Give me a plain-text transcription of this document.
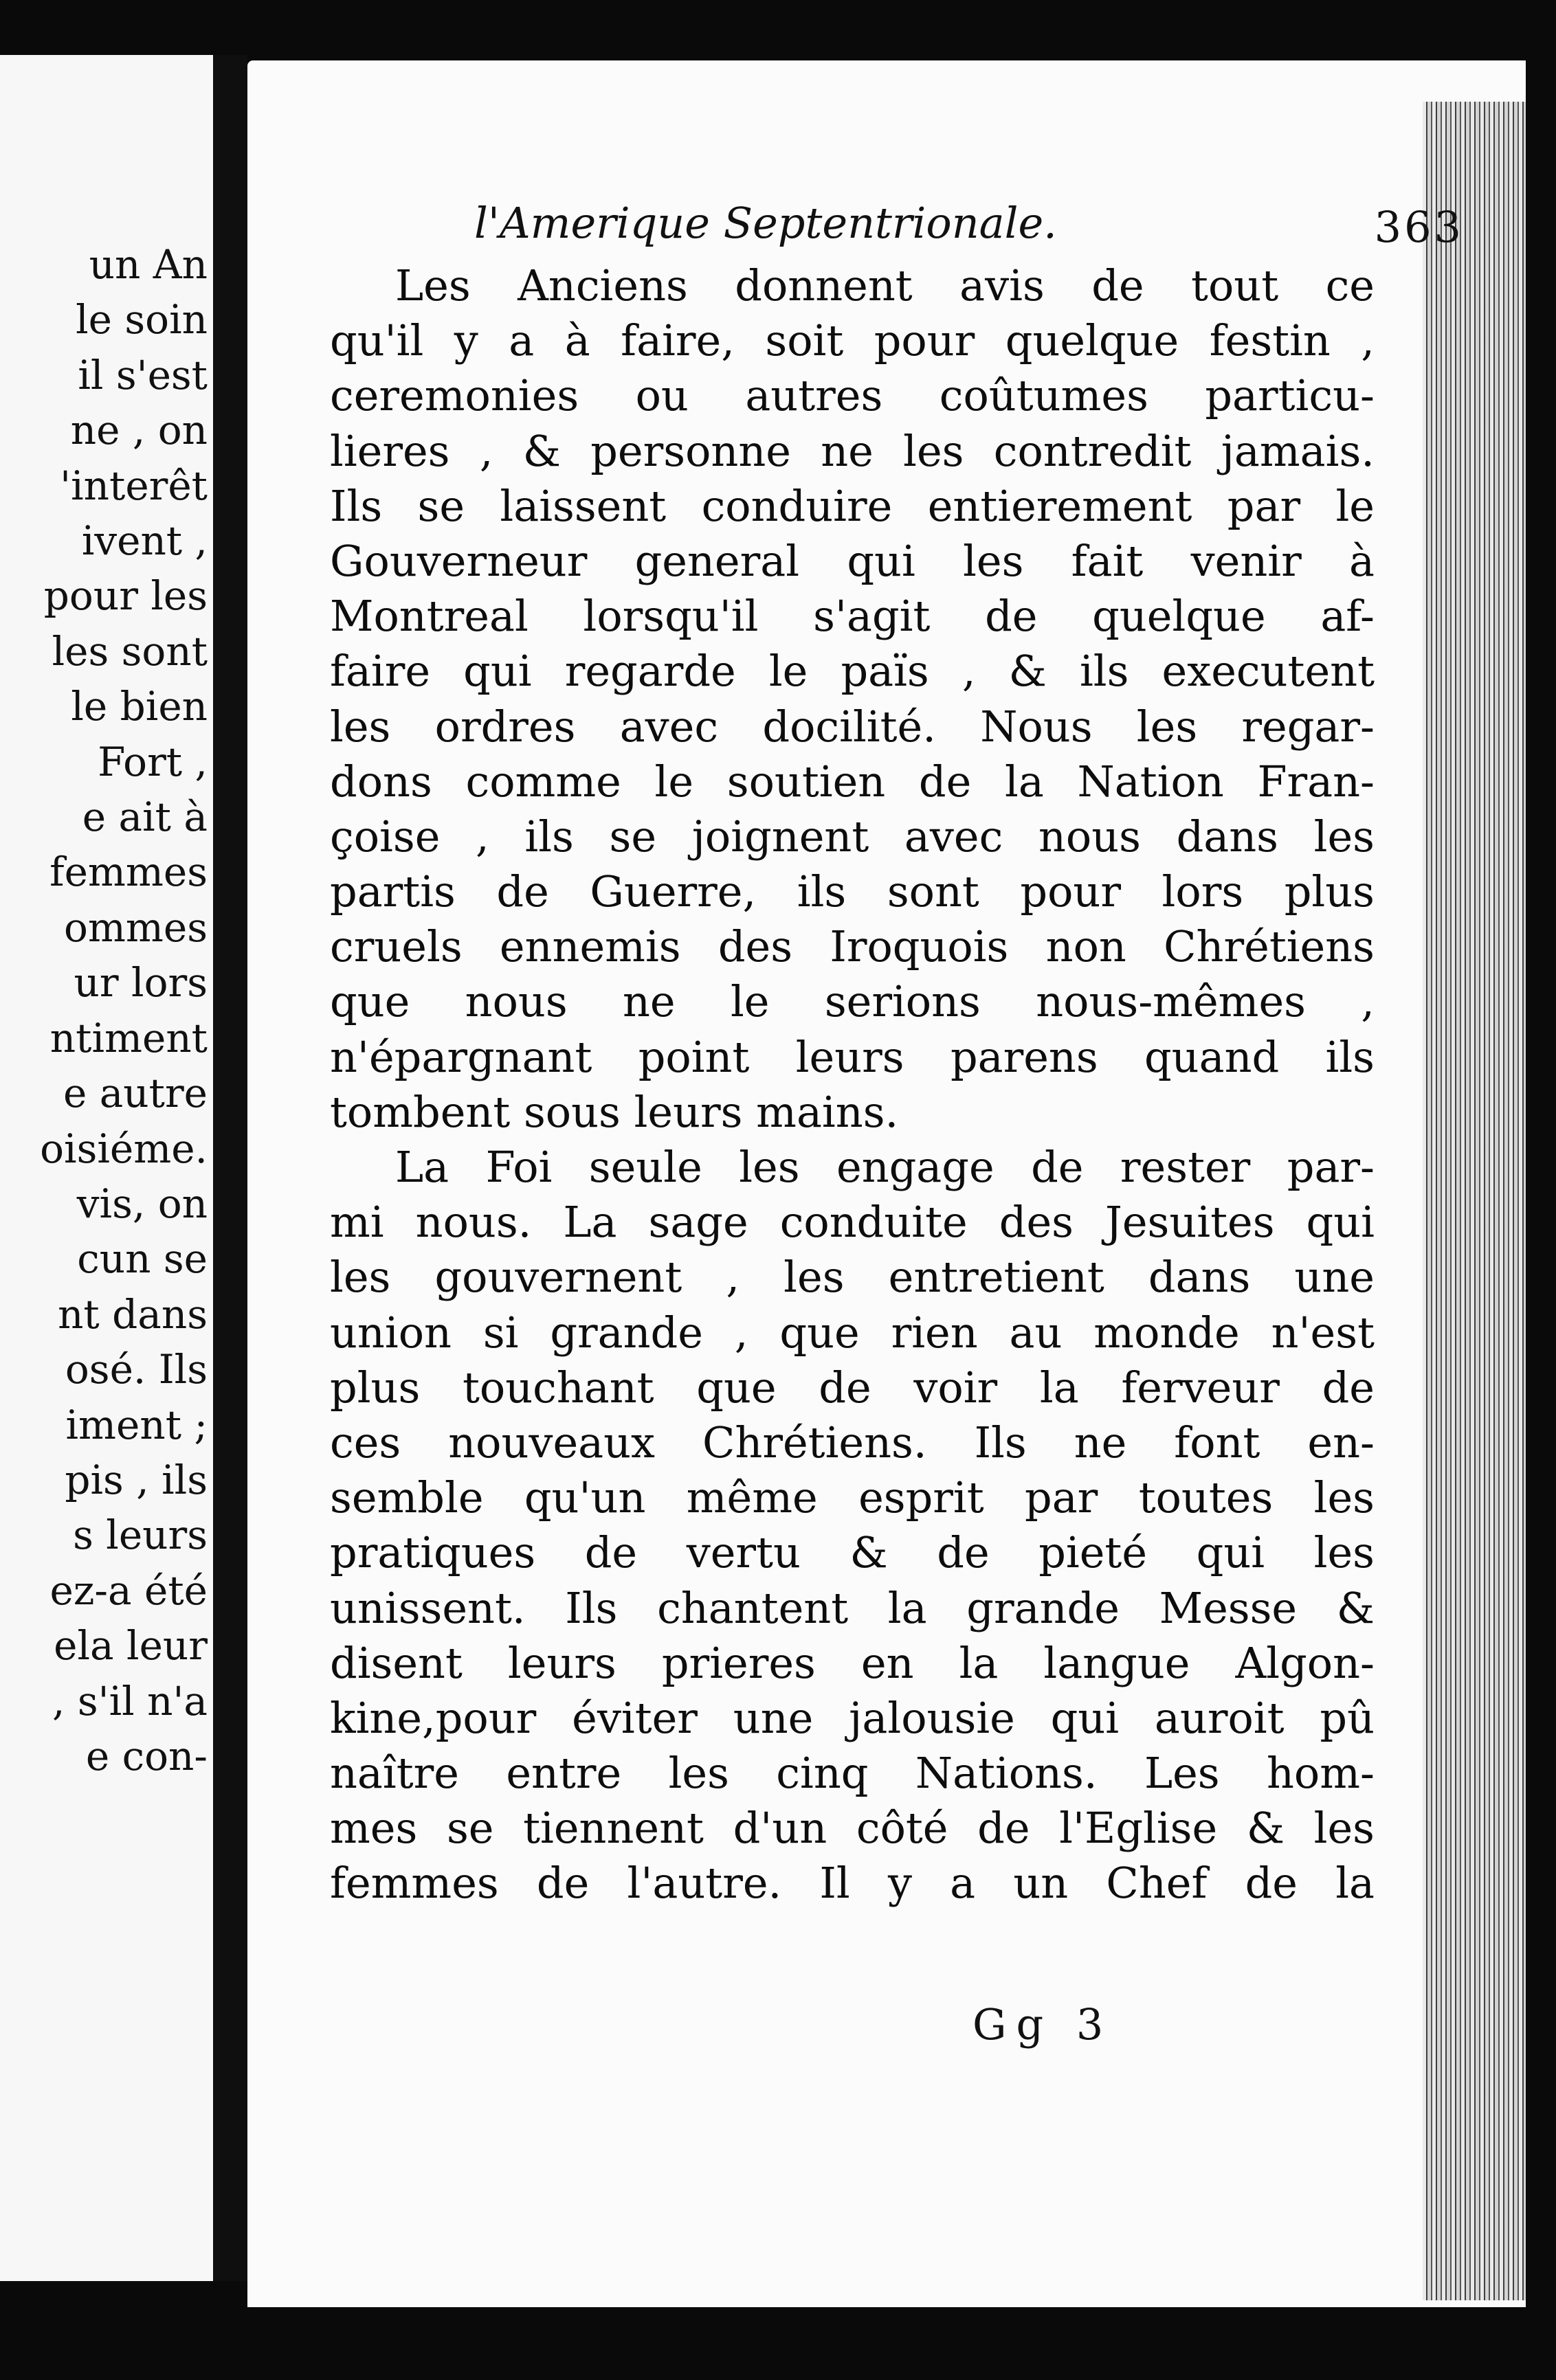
un An
le soin
il s'est
ne , on
'interêt
ivent ,
pour les
les sont
le bien
Fort ,
e ait à
femmes
ommes
ur lors
ntiment
e autre
oisiéme.
vis, on
cun se
nt dans
osé. Ils
iment ;
pis , ils
s leurs
ez-a été
ela leur
, s'il n'a
e con-
l'Amerique Septentrionale.	363
Les Anciens donnent avis de tout ce
qu'il y a à faire, soit pour quelque festin ,
ceremonies ou autres coûtumes particu-
lieres , & personne ne les contredit jamais.
Ils se laissent conduire entierement par le
Gouverneur general qui les fait venir à
Montreal lorsqu'il s'agit de quelque af-
faire qui regarde le païs , & ils executent
les ordres avec docilité. Nous les regar-
dons comme le soutien de la Nation Fran-
çoise , ils se joignent avec nous dans les
partis de Guerre, ils sont pour lors plus
cruels ennemis des Iroquois non Chrétiens
que nous ne le serions nous-mêmes ,
n'épargnant point leurs parens quand ils
tombent sous leurs mains.
La Foi seule les engage de rester par-
mi nous. La sage conduite des Jesuites qui
les gouvernent , les entretient dans une
union si grande , que rien au monde n'est
plus touchant que de voir la ferveur de
ces nouveaux Chrétiens. Ils ne font en-
semble qu'un même esprit par toutes les
pratiques de vertu & de pieté qui les
unissent. Ils chantent la grande Messe &
disent leurs prieres en la langue Algon-
kine,pour éviter une jalousie qui auroit pû
naître entre les cinq Nations. Les hom-
mes se tiennent d'un côté de l'Eglise & les
femmes de l'autre. Il y a un Chef de la
Gg 3
